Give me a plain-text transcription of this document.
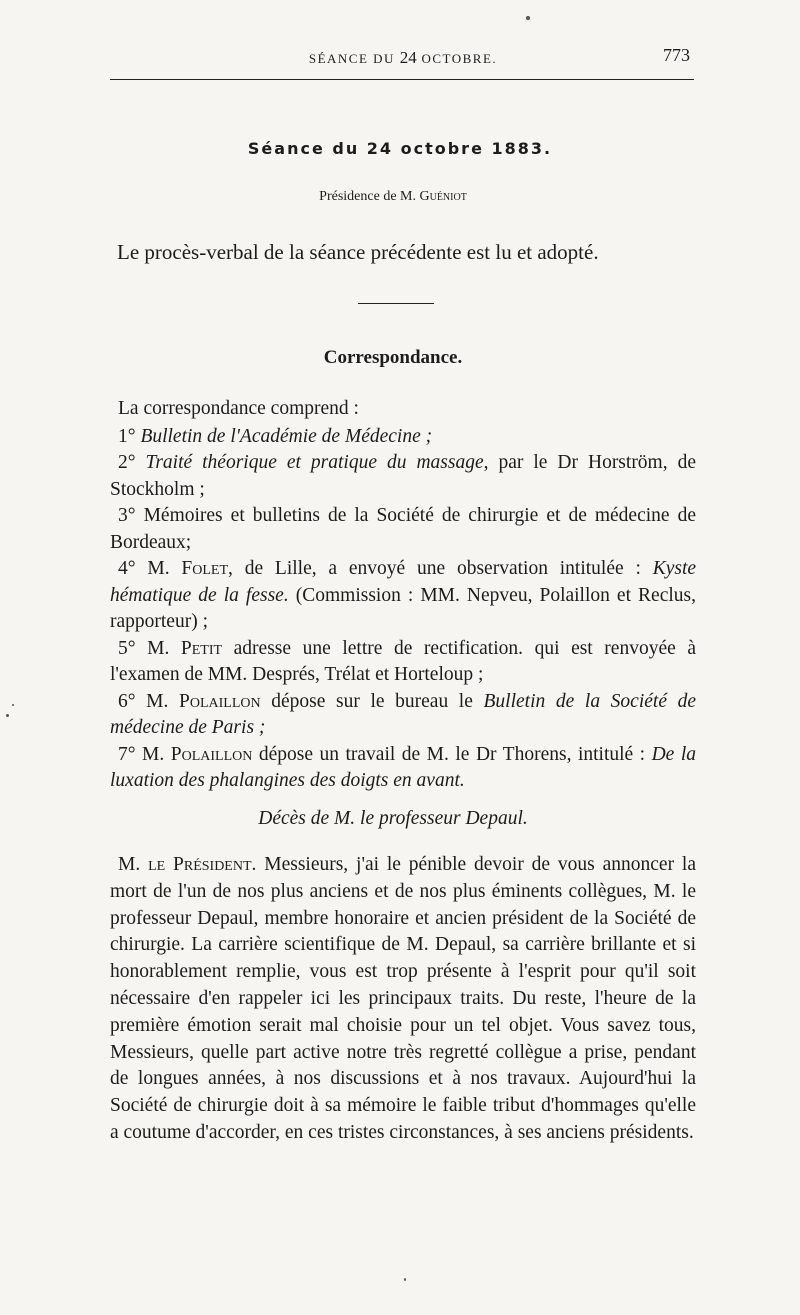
SÉANCE DU 24 OCTOBRE.	773
Séance du 24 octobre 1883.
Présidence de M. Guéniot
Le procès-verbal de la séance précédente est lu et adopté.
Correspondance.

La correspondance comprend :

1° Bulletin de l'Académie de Médecine ;

2° Traité théorique et pratique du massage, par le Dr Horström, de Stockholm ;

3° Mémoires et bulletins de la Société de chirurgie et de médecine de Bordeaux;

4° M. Folet, de Lille, a envoyé une observation intitulée : Kyste hématique de la fesse. (Commission : MM. Nepveu, Polaillon et Reclus, rapporteur) ;

5° M. Petit adresse une lettre de rectification. qui est renvoyée à l'examen de MM. Després, Trélat et Horteloup ;

6° M. Polaillon dépose sur le bureau le Bulletin de la Société de médecine de Paris ;

7° M. Polaillon dépose un travail de M. le Dr Thorens, intitulé : De la luxation des phalangines des doigts en avant.

Décès de M. le professeur Depaul.

M. le Président. Messieurs, j'ai le pénible devoir de vous annoncer la mort de l'un de nos plus anciens et de nos plus éminents collègues, M. le professeur Depaul, membre honoraire et ancien président de la Société de chirurgie. La carrière scientifique de M. Depaul, sa carrière brillante et si honorablement remplie, vous est trop présente à l'esprit pour qu'il soit nécessaire d'en rappeler ici les principaux traits. Du reste, l'heure de la première émotion serait mal choisie pour un tel objet. Vous savez tous, Messieurs, quelle part active notre très regretté collègue a prise, pendant de longues années, à nos discussions et à nos travaux. Aujourd'hui la Société de chirurgie doit à sa mémoire le faible tribut d'hommages qu'elle a coutume d'accorder, en ces tristes circonstances, à ses anciens présidents.
